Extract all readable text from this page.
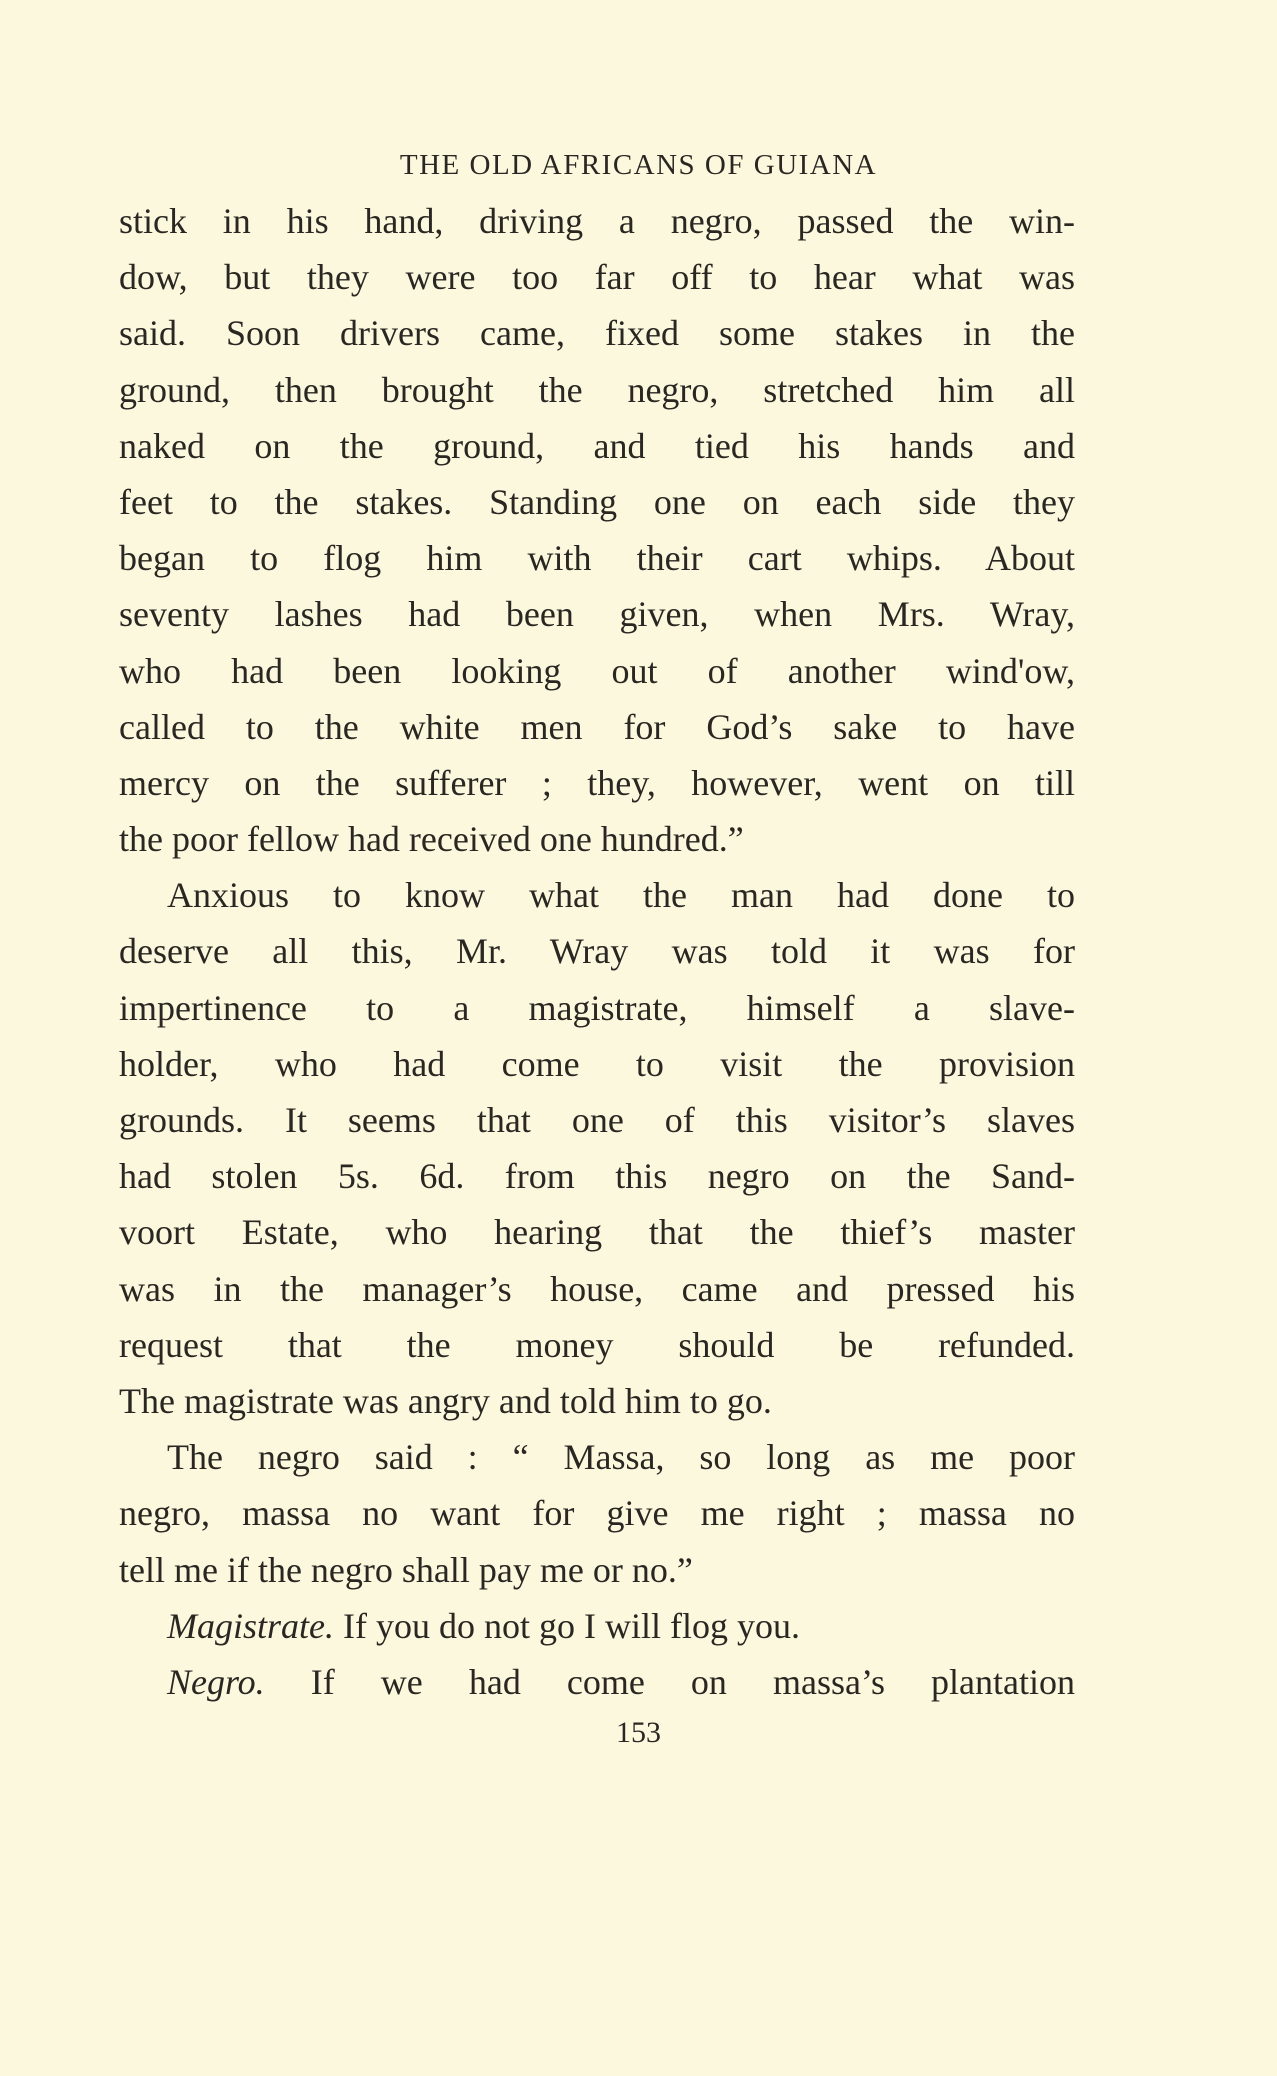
THE OLD AFRICANS OF GUIANA
stick in his hand, driving a negro, passed the win-
dow, but they were too far off to hear what was
said. Soon drivers came, fixed some stakes in the
ground, then brought the negro, stretched him all
naked on the ground, and tied his hands and
feet to the stakes. Standing one on each side they
began to flog him with their cart whips. About
seventy lashes had been given, when Mrs. Wray,
who had been looking out of another wind'ow,
called to the white men for God’s sake to have
mercy on the sufferer ; they, however, went on till
the poor fellow had received one hundred.”
Anxious to know what the man had done to
deserve all this, Mr. Wray was told it was for
impertinence to a magistrate, himself a slave-
holder, who had come to visit the provision
grounds. It seems that one of this visitor’s slaves
had stolen 5s. 6d. from this negro on the Sand-
voort Estate, who hearing that the thief’s master
was in the manager’s house, came and pressed his
request that the money should be refunded.
The magistrate was angry and told him to go.
The negro said : “ Massa, so long as me poor
negro, massa no want for give me right ; massa no
tell me if the negro shall pay me or no.”
Magistrate. If you do not go I will flog you.
Negro. If we had come on massa’s plantation
153
